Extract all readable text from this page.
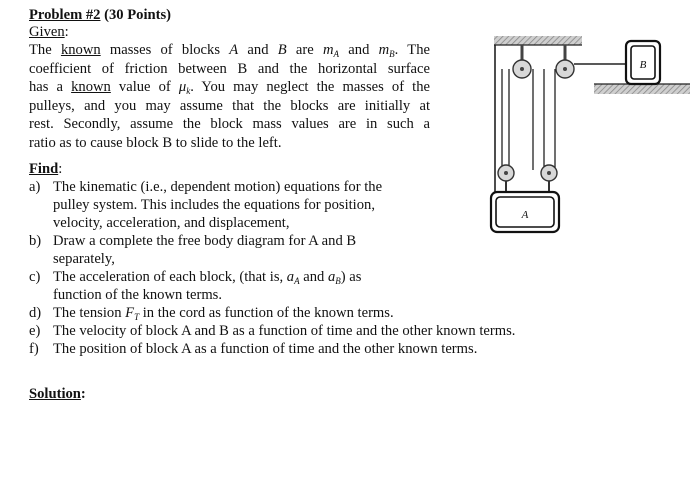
Problem #2 (30 Points)
Given:
The known masses of blocks A and B are $m_A$ and $m_B$. The
coefficient of friction between B and the horizontal surface
has a known value of $\mu_k$. You may neglect the masses of the
pulleys, and you may assume that the blocks are initially at
rest. Secondly, assume the block mass values are in such a
ratio as to cause block B to slide to the left.
Find:
a) The kinematic (i.e., dependent motion) equations for the
pulley system. This includes the equations for position,
velocity, acceleration, and displacement,
b) Draw a complete the free body diagram for A and B
separately,
c) The acceleration of each block, (that is, $a_A$ and $a_B$) as
function of the known terms.
d) The tension $F_T$ in the cord as function of the known terms.
e) The velocity of block A and B as a function of time and the other known terms.
f) The position of block A as a function of time and the other known terms.
Solution:
A
B
